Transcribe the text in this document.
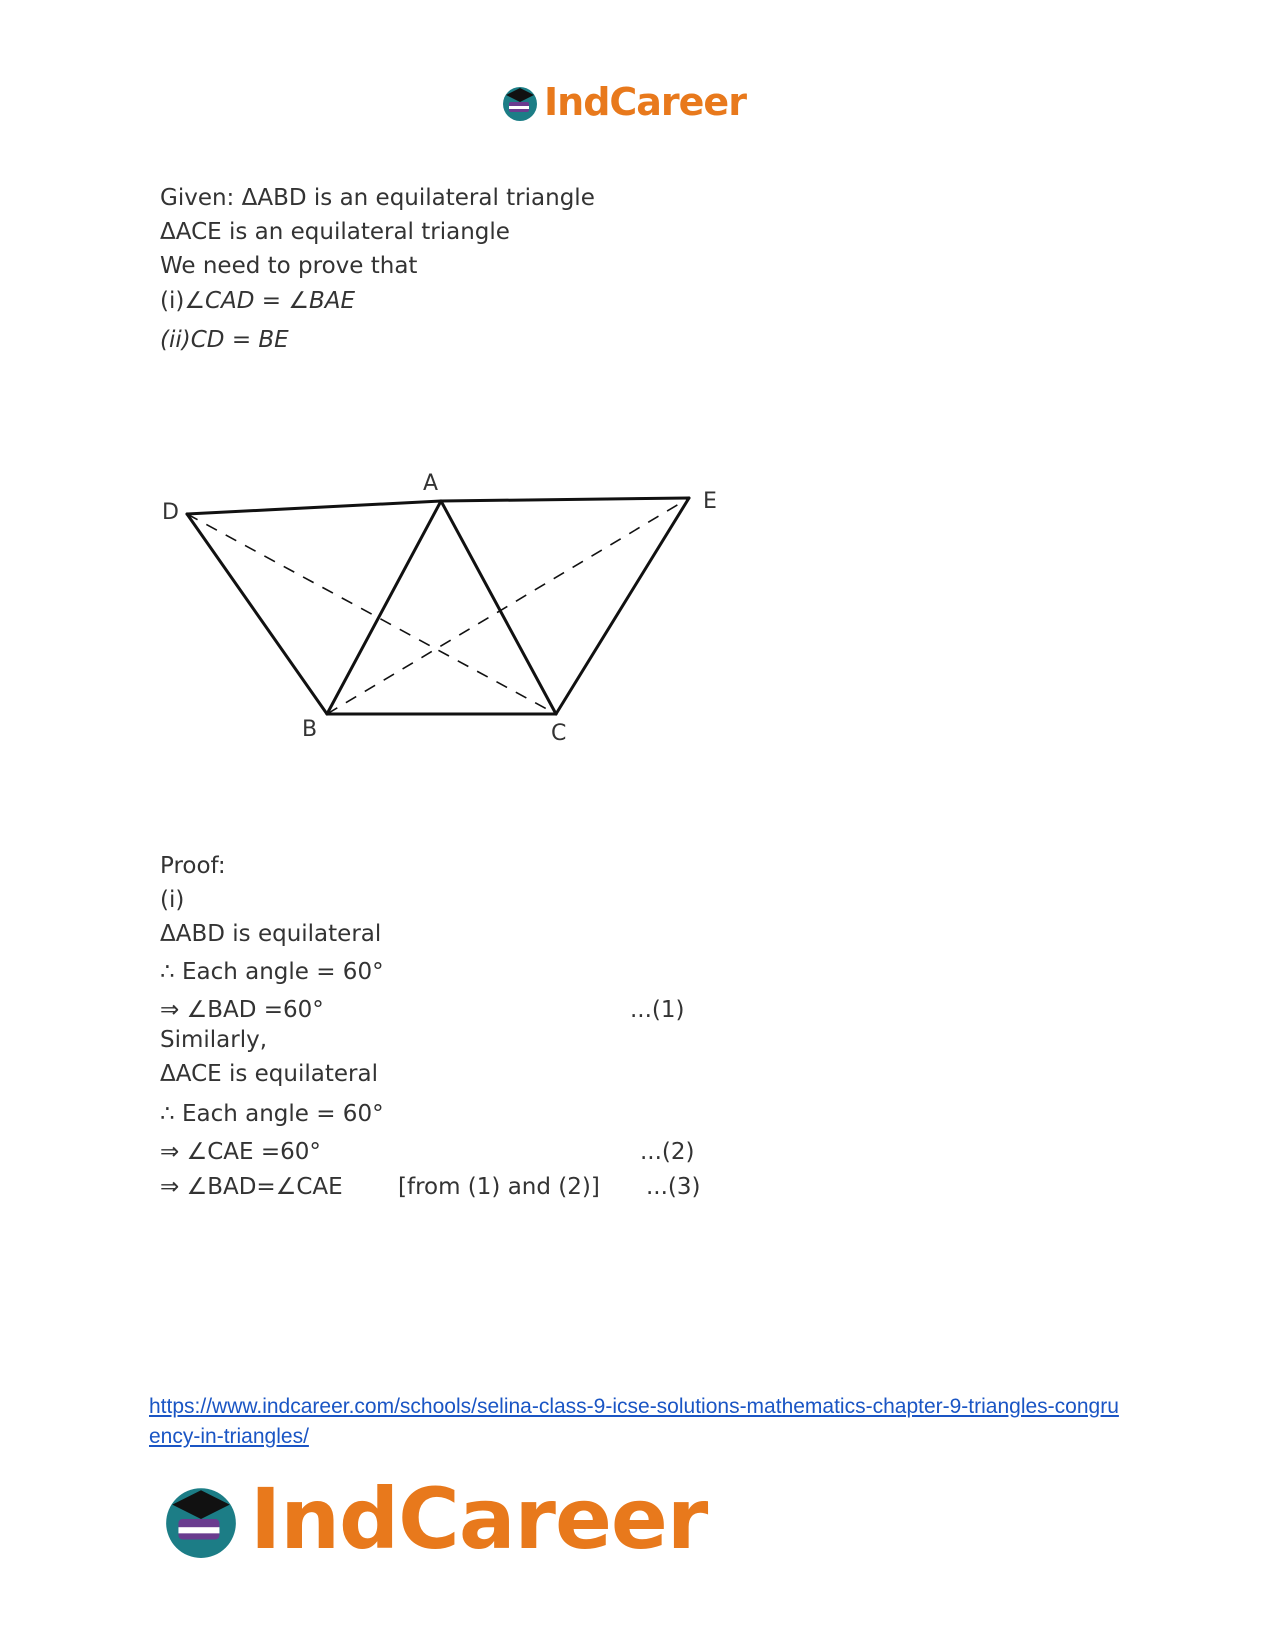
IndCareer
Given: ΔABD is an equilateral triangle
ΔACE is an equilateral triangle
We need to prove that
(i)∠CAD = ∠BAE
(ii)CD = BE
A
D	E
B	C
Proof:
(i)
ΔABD is equilateral
∴ Each angle = 60°
⇒ ∠BAD =60°	...(1)
Similarly,
ΔACE is equilateral
∴ Each angle = 60°
⇒ ∠CAE =60°	...(2)
⇒ ∠BAD=∠CAE [from (1) and (2)] ...(3)
https://www.indcareer.com/schools/selina-class-9-icse-solutions-mathematics-chapter-9-triangles-congruency-in-triangles/
IndCareer
